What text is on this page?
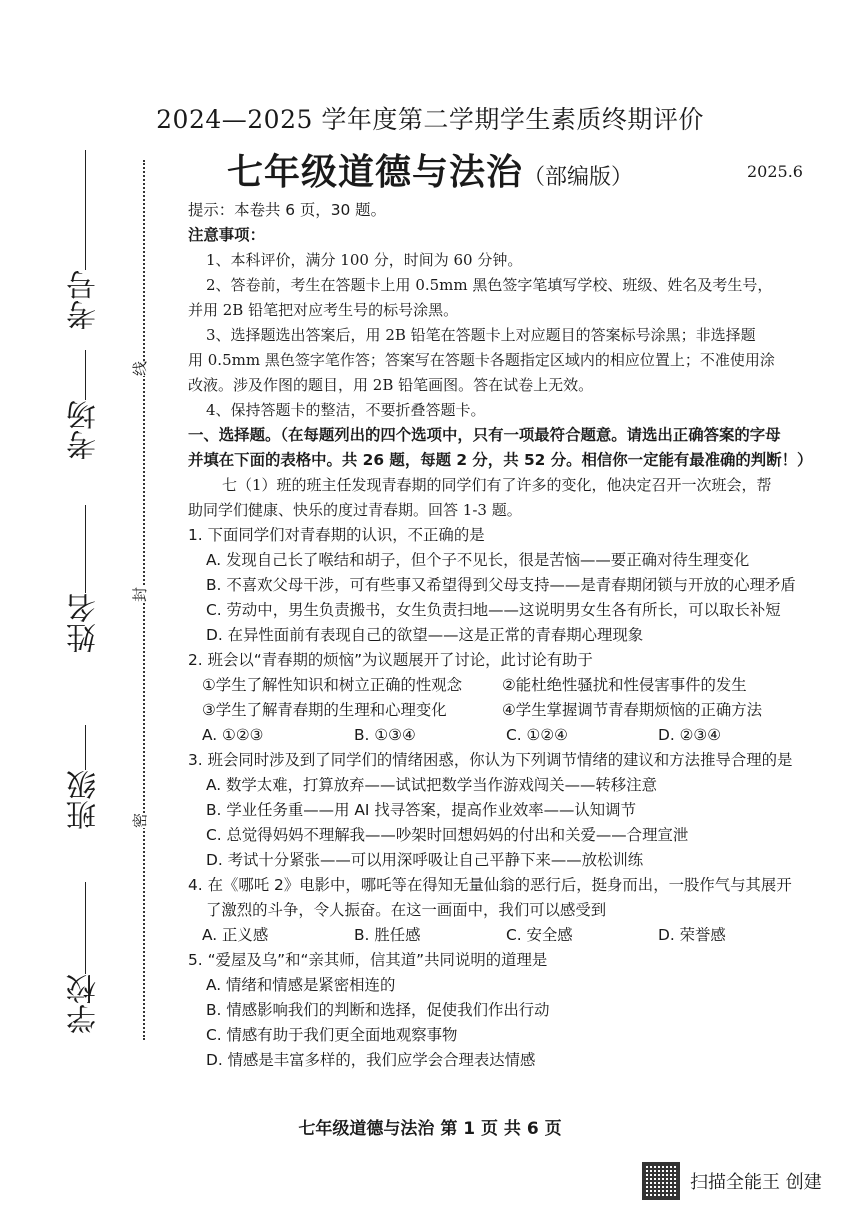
考号
考场
姓名
班级
学校
线
封
密
2024—2025 学年度第二学期学生素质终期评价
七年级道德与法治（部编版）	2025.6
提示：本卷共 6 页，30 题。
注意事项：
1、本科评价，满分 100 分，时间为 60 分钟。
2、答卷前，考生在答题卡上用 0.5mm 黑色签字笔填写学校、班级、姓名及考生号，
并用 2B 铅笔把对应考生号的标号涂黑。
3、选择题选出答案后，用 2B 铅笔在答题卡上对应题目的答案标号涂黑；非选择题
用 0.5mm 黑色签字笔作答；答案写在答题卡各题指定区域内的相应位置上；不准使用涂
改液。涉及作图的题目，用 2B 铅笔画图。答在试卷上无效。
4、保持答题卡的整洁，不要折叠答题卡。
一、选择题。（在每题列出的四个选项中，只有一项最符合题意。请选出正确答案的字母
并填在下面的表格中。共 26 题，每题 2 分，共 52 分。相信你一定能有最准确的判断！）
七（1）班的班主任发现青春期的同学们有了许多的变化，他决定召开一次班会，帮
助同学们健康、快乐的度过青春期。回答 1-3 题。
1. 下面同学们对青春期的认识，不正确的是
A. 发现自己长了喉结和胡子，但个子不见长，很是苦恼——要正确对待生理变化
B. 不喜欢父母干涉，可有些事又希望得到父母支持——是青春期闭锁与开放的心理矛盾
C. 劳动中，男生负责搬书，女生负责扫地——这说明男女生各有所长，可以取长补短
D. 在异性面前有表现自己的欲望——这是正常的青春期心理现象
2. 班会以“青春期的烦恼”为议题展开了讨论，此讨论有助于
①学生了解性知识和树立正确的性观念	②能杜绝性骚扰和性侵害事件的发生
③学生了解青春期的生理和心理变化	④学生掌握调节青春期烦恼的正确方法
A. ①②③	B. ①③④	C. ①②④	D. ②③④
3. 班会同时涉及到了同学们的情绪困惑，你认为下列调节情绪的建议和方法推导合理的是
A. 数学太难，打算放弃——试试把数学当作游戏闯关——转移注意
B. 学业任务重——用 AI 找寻答案，提高作业效率——认知调节
C. 总觉得妈妈不理解我——吵架时回想妈妈的付出和关爱——合理宣泄
D. 考试十分紧张——可以用深呼吸让自己平静下来——放松训练
4. 在《哪吒 2》电影中，哪吒等在得知无量仙翁的恶行后，挺身而出，一股作气与其展开
了激烈的斗争，令人振奋。在这一画面中，我们可以感受到
A. 正义感	B. 胜任感	C. 安全感	D. 荣誉感
5. “爱屋及乌”和“亲其师，信其道”共同说明的道理是
A. 情绪和情感是紧密相连的
B. 情感影响我们的判断和选择，促使我们作出行动
C. 情感有助于我们更全面地观察事物
D. 情感是丰富多样的，我们应学会合理表达情感
七年级道德与法治 第 1 页 共 6 页
扫描全能王 创建
